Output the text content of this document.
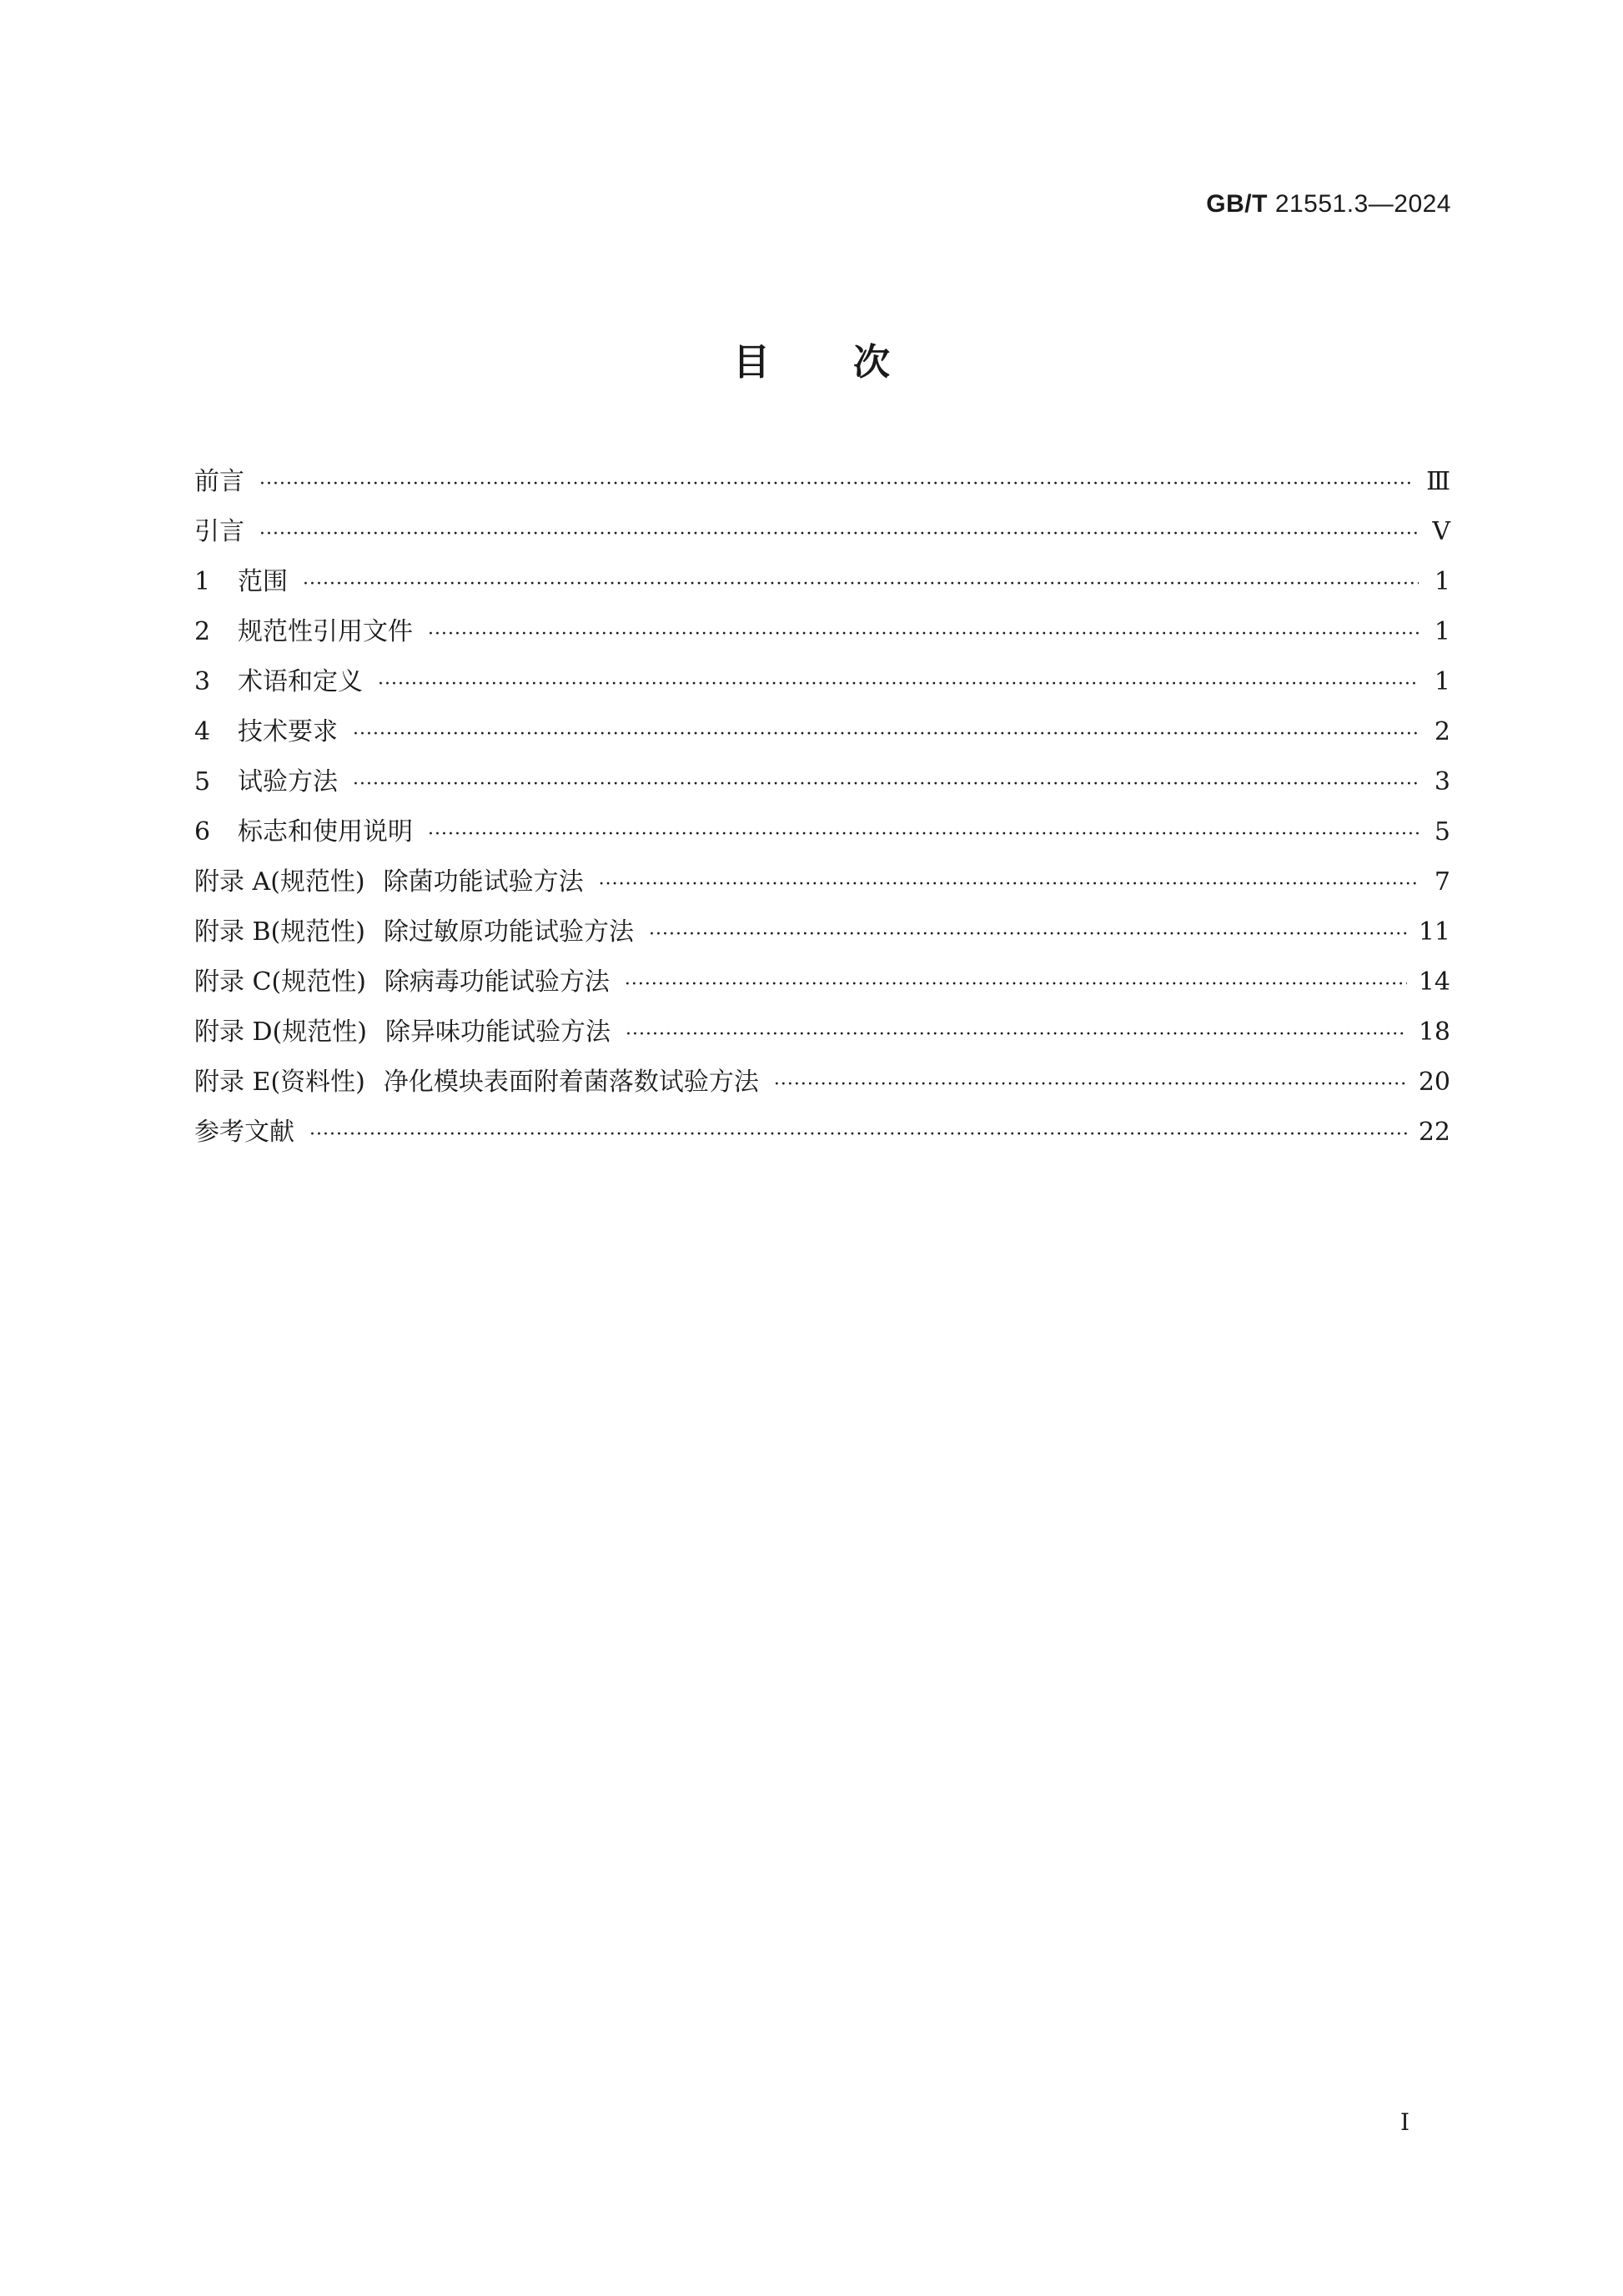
GB/T 21551.3—2024
目次
前言 ·····	Ⅲ
引言 ·····	Ⅴ
1 范围 ·····	1
2 规范性引用文件 ·····	1
3 术语和定义 ·····	1
4 技术要求 ·····	2
5 试验方法 ·····	3
6 标志和使用说明 ·····	5
附录 A(规范性) 除菌功能试验方法 ·····	7
附录 B(规范性) 除过敏原功能试验方法 ·····	11
附录 C(规范性) 除病毒功能试验方法 ·····	14
附录 D(规范性) 除异味功能试验方法 ·····	18
附录 E(资料性) 净化模块表面附着菌落数试验方法 ·····	20
参考文献 ·····	22
I
